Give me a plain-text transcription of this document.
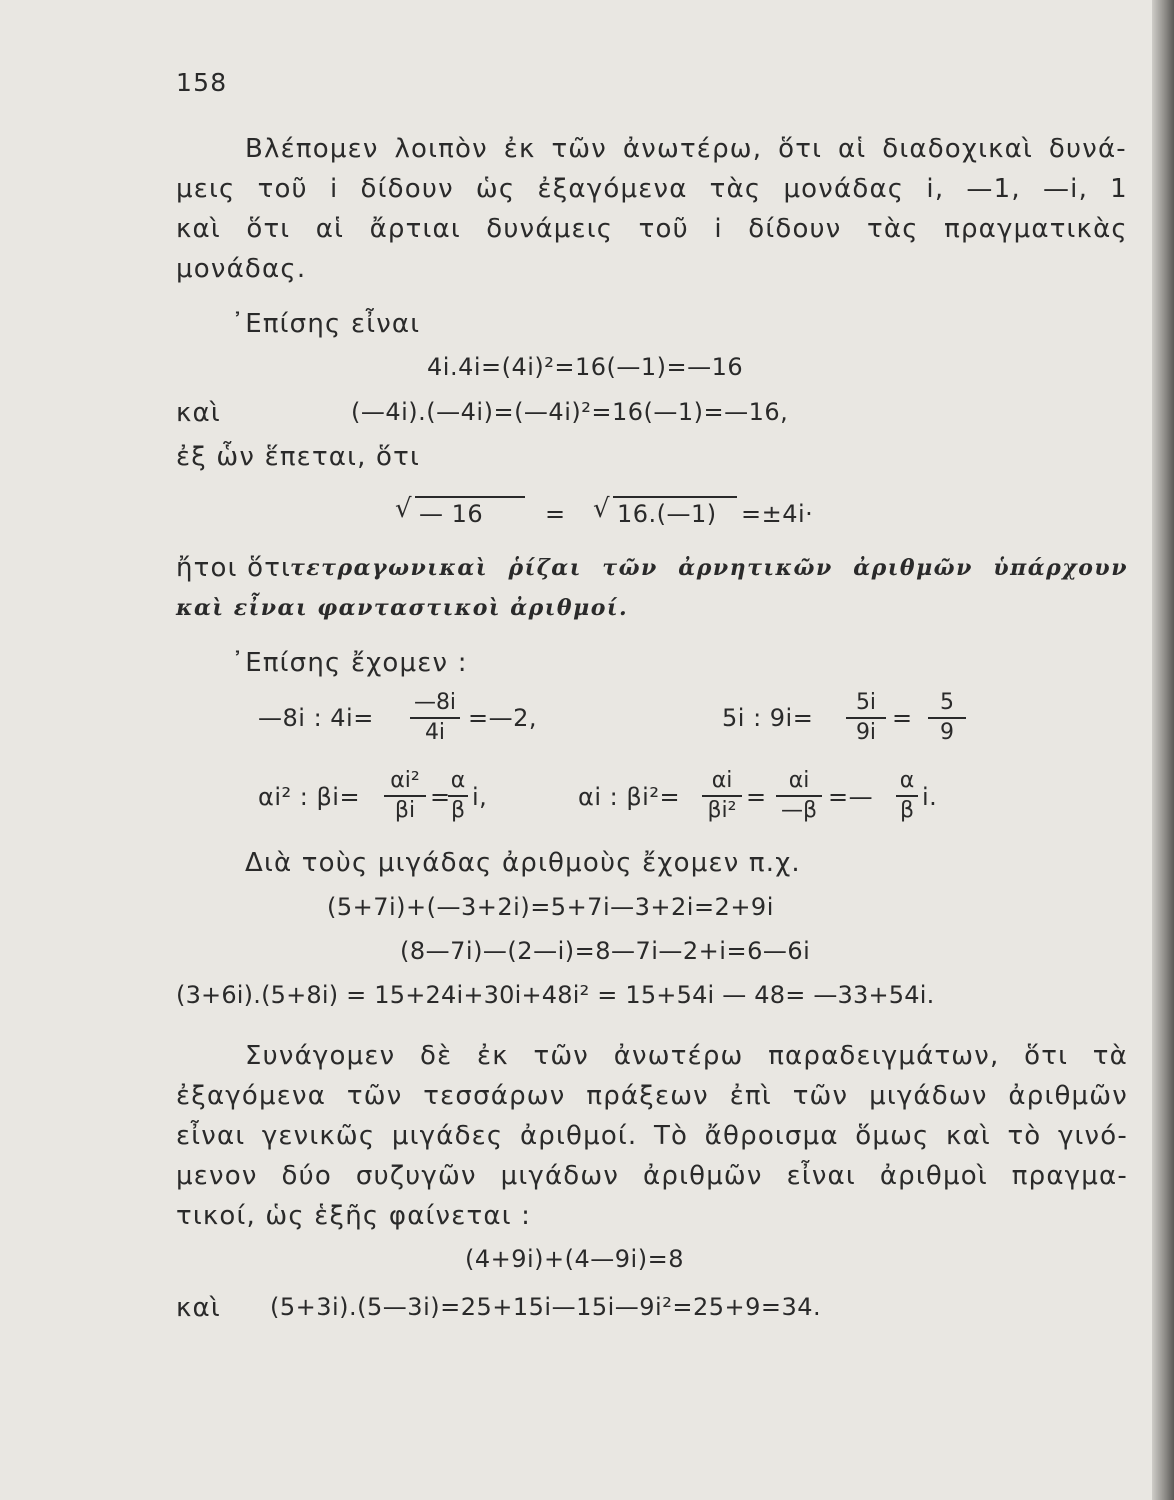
158
Βλέπομεν λοιπὸν ἐκ τῶν ἀνωτέρω, ὅτι αἱ διαδοχικαὶ δυνά-
μεις τοῦ i δίδουν ὡς ἐξαγόμενα τὰς μονάδας i, —1, —i, 1
καὶ ὅτι αἱ ἄρτιαι δυνάμεις τοῦ i δίδουν τὰς πραγματικὰς
μονάδας.
᾿Επίσης εἶναι
4i.4i=(4i)²=16(—1)=—16
καὶ	(—4i).(—4i)=(—4i)²=16(—1)=—16,
ἐξ ὧν ἕπεται, ὅτι
√ — 16	= √ 16.(—1) =±4i·
ἤτοι ὅτι
τετραγωνικαὶ ῥίζαι τῶν ἀρνητικῶν ἀριθμῶν ὑπάρχουν
καὶ εἶναι φανταστικοὶ ἀριθμοί.
᾿Επίσης ἔχομεν :
—8i : $4i= \frac{—8i}{4i}$ =—2,	5i : $9i= \frac{5i}{9i} = \frac{5}{9}$
αi² : $\beta i= \frac{\text{αi²}}{\beta i}$ =
$\frac{\alpha}{\beta} i$,	αi : $\beta i^2= \frac{\alpha i}{\text{βi²}} = \frac{\alpha i}{—\beta}$ =— $\frac{\alpha}{\beta} i$.
Διὰ τοὺς μιγάδας ἀριθμοὺς ἔχομεν π.χ.
(5+7i)+(—3+2i)=5+7i—3+2i=2+9i
(8—7i)—(2—i)=8—7i—2+i=6—6i
(3+6i).(5+8i) = 15+24i+30i+48i² = 15+54i — 48= —33+54i.
Συνάγομεν δὲ ἐκ τῶν ἀνωτέρω παραδειγμάτων, ὅτι τὰ
ἐξαγόμενα τῶν τεσσάρων πράξεων ἐπὶ τῶν μιγάδων ἀριθμῶν
εἶναι γενικῶς μιγάδες ἀριθμοί. Τὸ ἄθροισμα ὅμως καὶ τὸ γινό-
μενον δύο συζυγῶν μιγάδων ἀριθμῶν εἶναι ἀριθμοὶ πραγμα-
τικοί, ὡς ἑξῆς φαίνεται :
(4+9i)+(4—9i)=8
καὶ (5+3i).(5—3i)=25+15i—15i—9i²=25+9=34.
